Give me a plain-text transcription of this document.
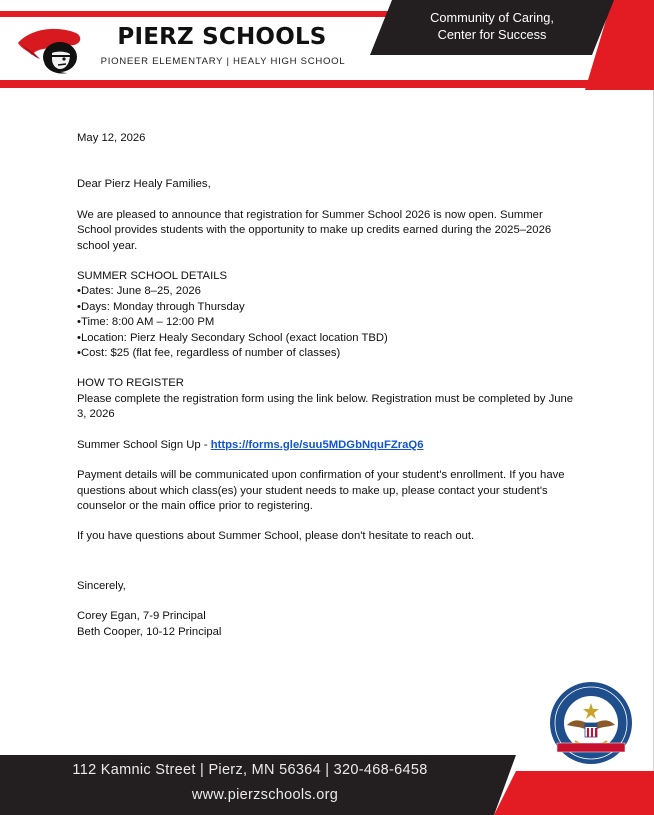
PIERZ SCHOOLS
PIONEER ELEMENTARY | HEALY HIGH SCHOOL
Community of Caring,
Center for Success

May 12, 2026

Dear Pierz Healy Families,

We are pleased to announce that registration for Summer School 2026 is now open. Summer School provides students with the opportunity to make up credits earned during the 2025–2026 school year.

SUMMER SCHOOL DETAILS

• Dates: June 8–25, 2026

• Days: Monday through Thursday

• Time: 8:00 AM – 12:00 PM

• Location: Pierz Healy Secondary School (exact location TBD)

• Cost: $25 (flat fee, regardless of number of classes)

HOW TO REGISTER

Please complete the registration form using the link below. Registration must be completed by June 3, 2026

Summer School Sign Up - https://forms.gle/suu5MDGbNquFZraQ6

Payment details will be communicated upon confirmation of your student's enrollment. If you have questions about which class(es) your student needs to make up, please contact your student's counselor or the main office prior to registering.

If you have questions about Summer School, please don't hesitate to reach out.

Sincerely,

Corey Egan, 7-9 Principal

Beth Cooper, 10-12 Principal

112 Kamnic Street | Pierz, MN 56364 | 320-468-6458
www.pierzschools.org
